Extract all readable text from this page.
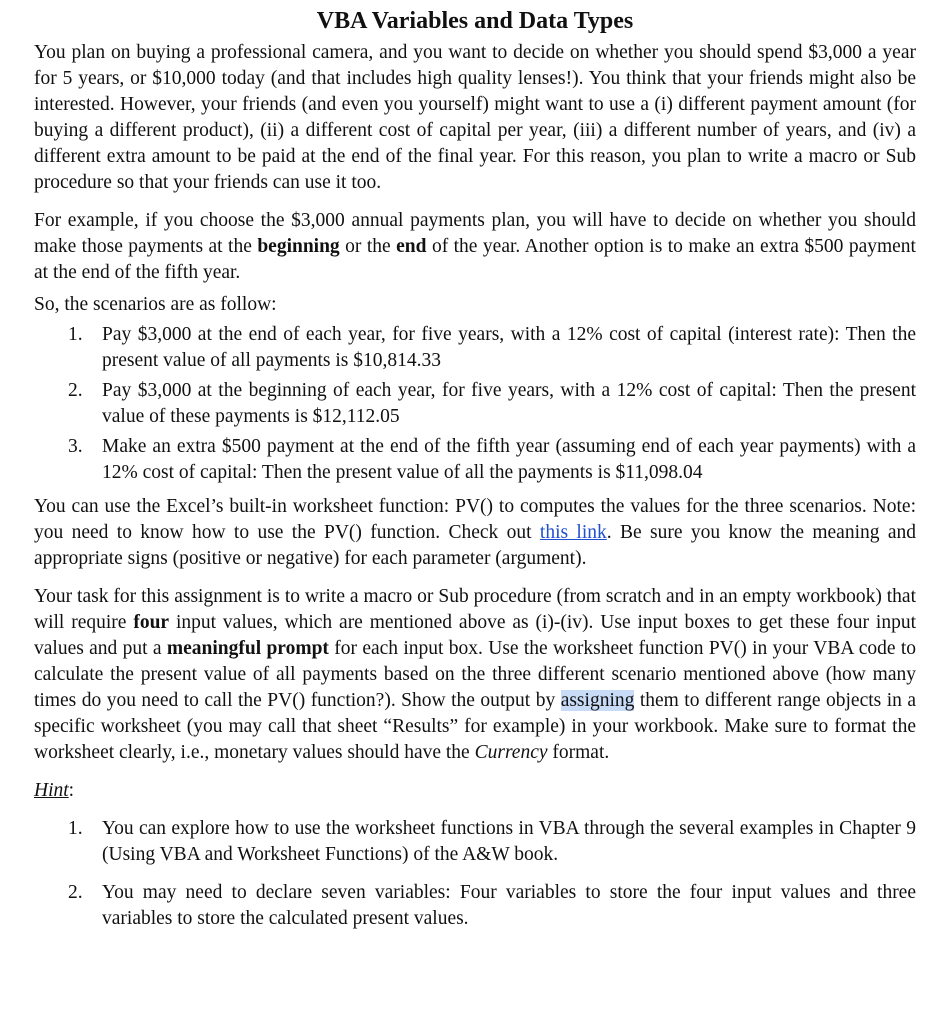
VBA Variables and Data Types

You plan on buying a professional camera, and you want to decide on whether you should spend $3,000 a year for 5 years, or $10,000 today (and that includes high quality lenses!). You think that your friends might also be interested. However, your friends (and even you yourself) might want to use a (i) different payment amount (for buying a different product), (ii) a different cost of capital per year, (iii) a different number of years, and (iv) a different extra amount to be paid at the end of the final year. For this reason, you plan to write a macro or Sub procedure so that your friends can use it too.

For example, if you choose the $3,000 annual payments plan, you will have to decide on whether you should make those payments at the beginning or the end of the year. Another option is to make an extra $500 payment at the end of the fifth year.

So, the scenarios are as follow:

1. Pay $3,000 at the end of each year, for five years, with a 12% cost of capital (interest rate): Then the present value of all payments is $10,814.33
2. Pay $3,000 at the beginning of each year, for five years, with a 12% cost of capital: Then the present value of these payments is $12,112.05
3. Make an extra $500 payment at the end of the fifth year (assuming end of each year payments) with a 12% cost of capital: Then the present value of all the payments is $11,098.04

You can use the Excel’s built-in worksheet function: PV() to computes the values for the three scenarios. Note: you need to know how to use the PV() function. Check out this link. Be sure you know the meaning and appropriate signs (positive or negative) for each parameter (argument).

Your task for this assignment is to write a macro or Sub procedure (from scratch and in an empty workbook) that will require four input values, which are mentioned above as (i)-(iv). Use input boxes to get these four input values and put a meaningful prompt for each input box. Use the worksheet function PV() in your VBA code to calculate the present value of all payments based on the three different scenario mentioned above (how many times do you need to call the PV() function?). Show the output by assigning them to different range objects in a specific worksheet (you may call that sheet “Results” for example) in your workbook. Make sure to format the worksheet clearly, i.e., monetary values should have the Currency format.

Hint:

1. You can explore how to use the worksheet functions in VBA through the several examples in Chapter 9 (Using VBA and Worksheet Functions) of the A&W book.
2. You may need to declare seven variables: Four variables to store the four input values and three variables to store the calculated present values.
